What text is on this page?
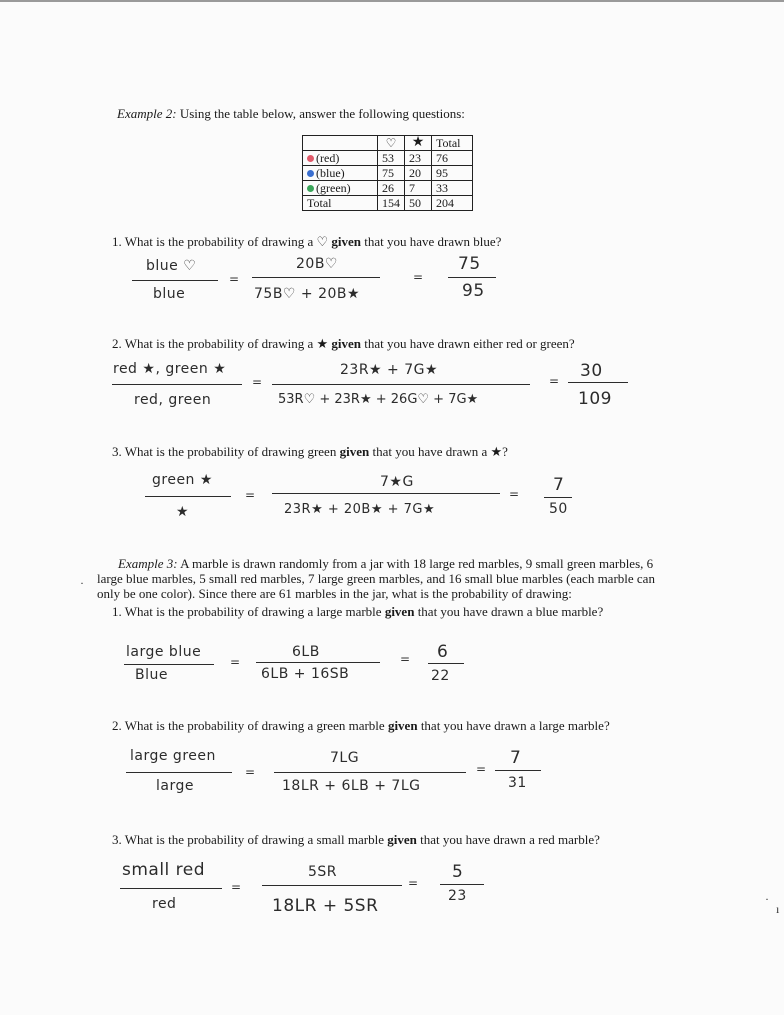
Example 2: Using the table below, answer the following questions:
	♡	★	Total
(red)	53	23	76
(blue)	75	20	95
(green)	26	7	33
Total	154	50	204
1. What is the probability of drawing a ♡ given that you have drawn blue?
blue ♡
blue
=
20B♡
75B♡ + 20B★
=
75
95
2. What is the probability of drawing a ★ given that you have drawn either red or green?
red ★, green ★
red, green
=
23R★ + 7G★
53R♡ + 23R★ + 26G♡ + 7G★
= 30
109
3. What is the probability of drawing green given that you have drawn a ★?
green ★
★
=
7★G
23R★ + 20B★ + 7G★
= 7
50
Example 3: A marble is drawn randomly from a jar with 18 large red marbles, 9 small green marbles, 6
large blue marbles, 5 small red marbles, 7 large green marbles, and 16 small blue marbles (each marble can
only be one color). Since there are 61 marbles in the jar, what is the probability of drawing:
·
1. What is the probability of drawing a large marble given that you have drawn a blue marble?
large blue
Blue
=
6LB
6LB + 16SB
= 6
22
2. What is the probability of drawing a green marble given that you have drawn a large marble?
large green
large
=
7LG
18LR + 6LB + 7LG
=
7
31
3. What is the probability of drawing a small marble given that you have drawn a red marble?
small red
red
=
5SR
18LR + 5SR
=
5
23	·
ı
